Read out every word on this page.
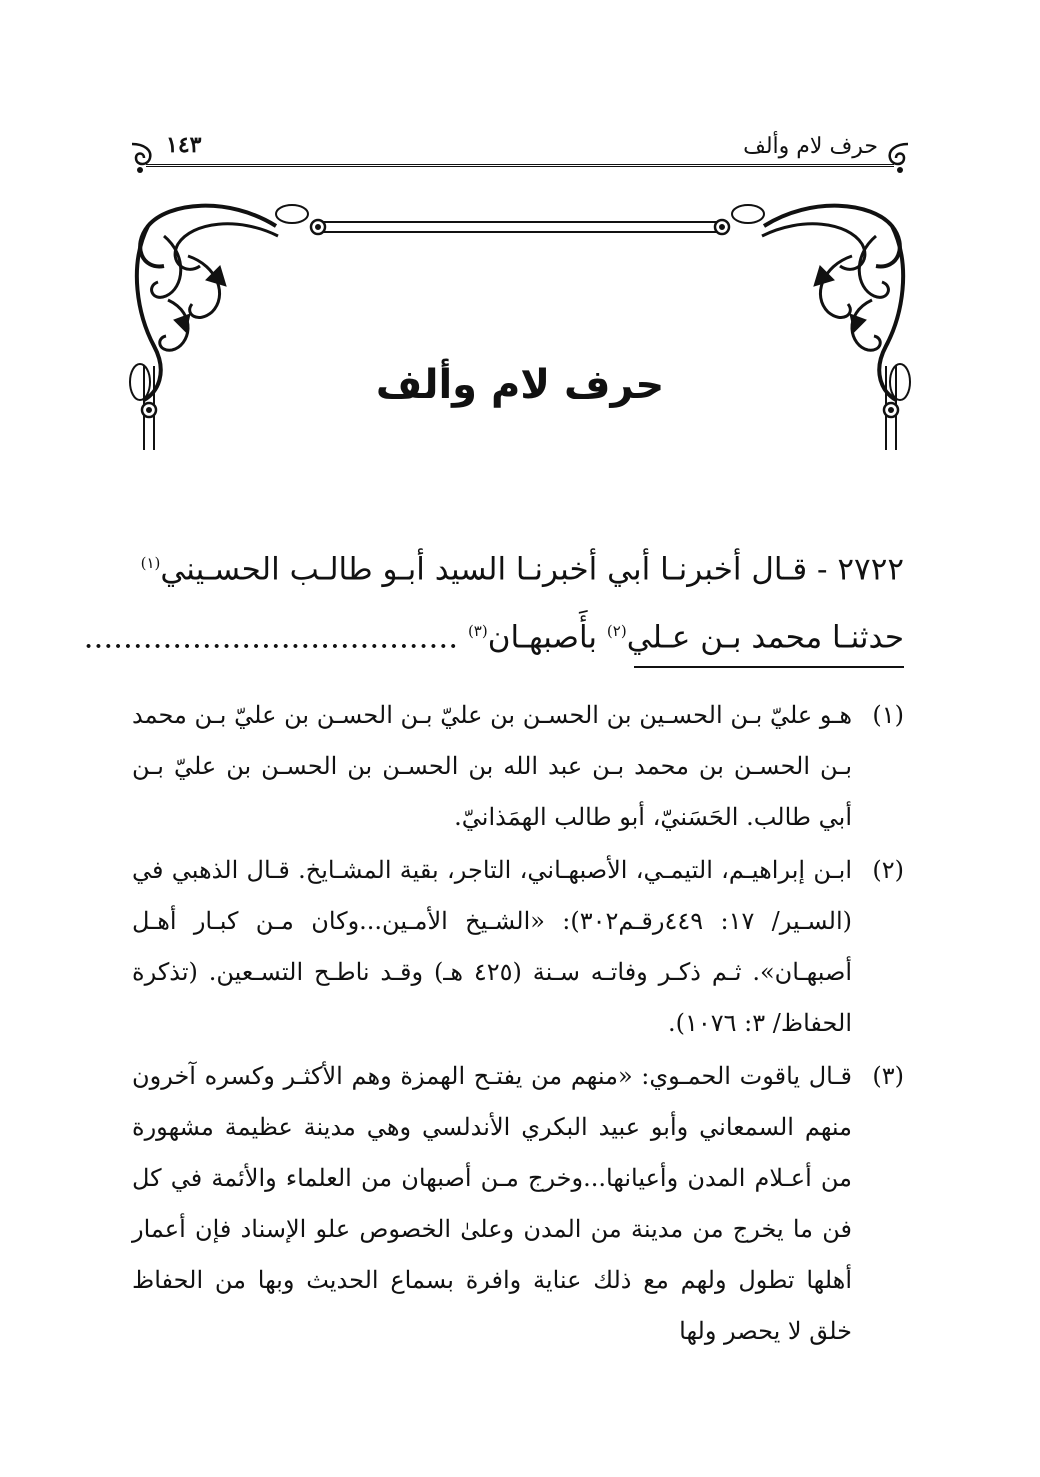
حرف لام وألف
١٤٣
حرف لام وألف
٢٧٢٢ - قـال أخبرنـا أبي أخبرنـا السيد أبـو طالـب الحسـيني$^{(١)}$
حدثنـا محمد بـن عـلي$^{(٢)}$ بأَصبهـان$^{(٣)}$ ......................................
(١)
هـو عليّ بـن الحسـين بن الحسـن بن عليّ بـن الحسـن بن عليّ بـن محمد بـن الحسـن بن محمد بـن عبد الله بن الحسـن بن الحسـن بن عليّ بـن أبي طالب. الحَسَنيّ، أبو طالب الهمَذانيّ.
(٢)
ابـن إبراهيـم، التيمـي، الأصبهـاني، التاجر، بقية المشـايخ. قـال الذهبي في (السـير/ ١٧: ٤٤٩رقـم٣٠٢): «الشـيخ الأمـين...وكان مـن كبـار أهـل أصبهـان». ثـم ذكـر وفاتـه سـنة (٤٢٥ هـ) وقـد ناطـح التسـعين. (تذكرة الحفاظ/ ٣: ١٠٧٦).
(٣)
قـال ياقوت الحمـوي: «منهم من يفتـح الهمزة وهم الأكثـر وكسره آخرون منهم السمعاني وأبو عبيد البكري الأندلسي وهي مدينة عظيمة مشهورة من أعـلام المدن وأعيانها...وخرج مـن أصبهان من العلماء والأئمة في كل فن ما يخرج من مدينة من المدن وعلىٰ الخصوص علو الإسناد فإن أعمار أهلها تطول ولهم مع ذلك عناية وافرة بسماع الحديث وبها من الحفاظ خلق لا يحصر ولها
